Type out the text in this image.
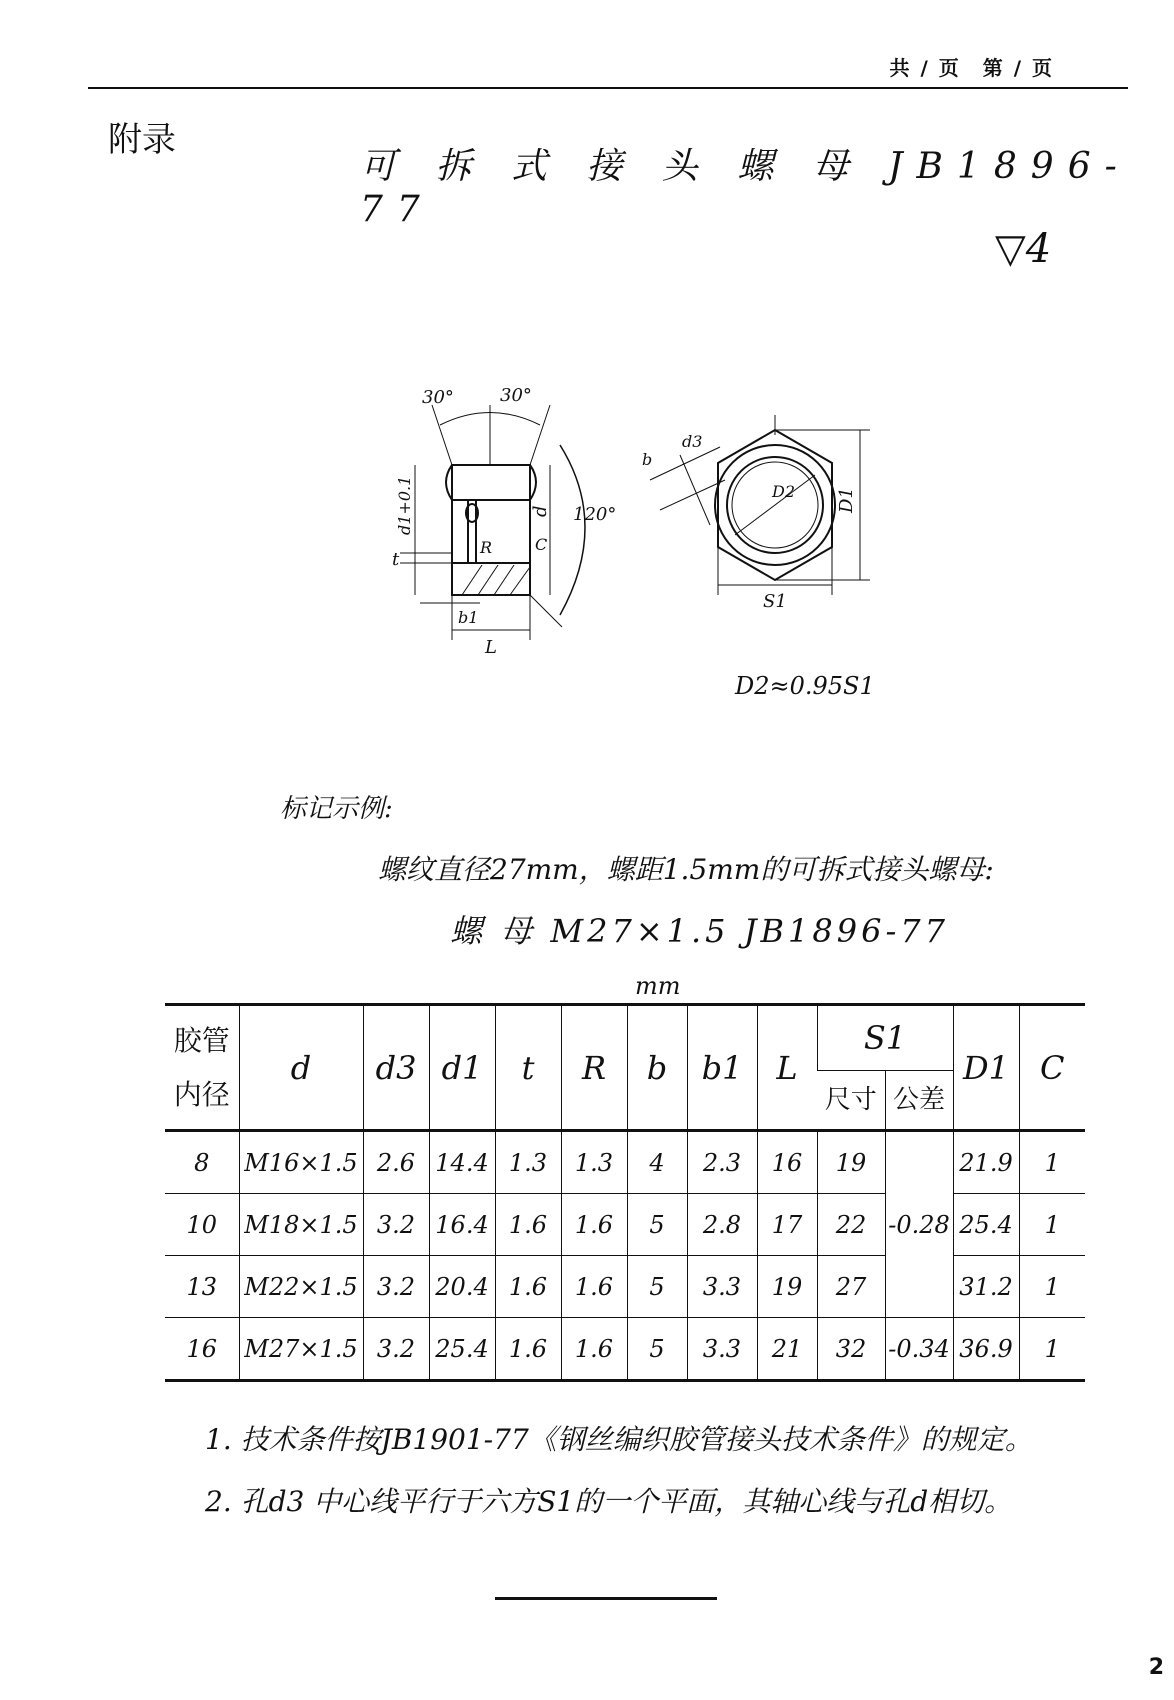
共 / 页　第 / 页
附录
可 拆 式 接 头 螺 母 JB1896-77
▽4
30°	30°
120°
d1+0.1	d
t
R	C
b1
L
b
d3
D2 D1
S1
D2≈0.95S1
标记示例:
螺纹直径27mm，螺距1.5mm的可拆式接头螺母:
螺 母 M27×1.5 JB1896-77
mm
胶管
内径	d	d3	d1	t	R	b	b1	L	S1		D1	C
									尺寸	公差		
8	M16×1.5	2.6	14.4	1.3	1.3	4	2.3	16	19	-0.28	21.9	1
10	M18×1.5	3.2	16.4	1.6	1.6	5	2.8	17	22		25.4	1
13	M22×1.5	3.2	20.4	1.6	1.6	5	3.3	19	27		31.2	1
16	M27×1.5	3.2	25.4	1.6	1.6	5	3.3	21	32	-0.34	36.9	1
1. 技术条件按JB1901-77《钢丝编织胶管接头技术条件》的规定。
2. 孔d3 中心线平行于六方S1的一个平面，其轴心线与孔d相切。
2
